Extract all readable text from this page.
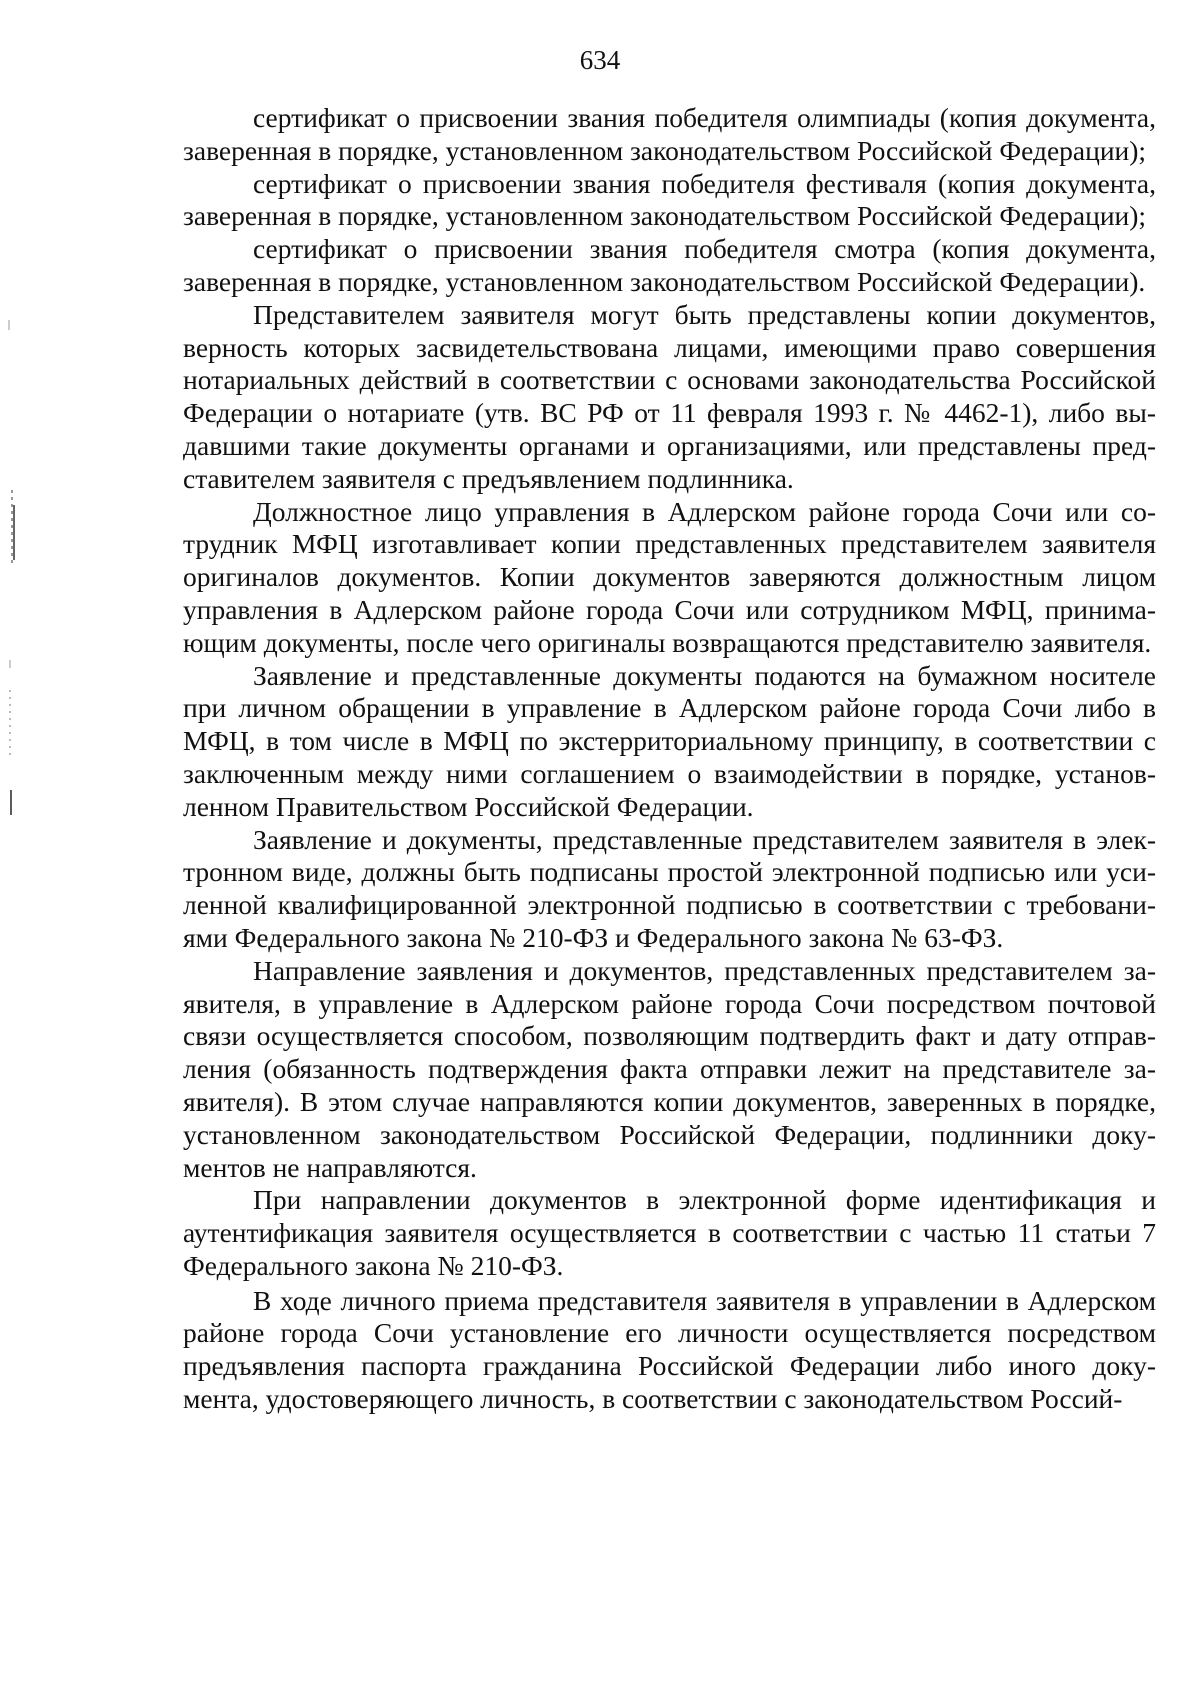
634

сертификат о присвоении звания победителя олимпиады (копия документа, заверенная в порядке, установленном законодательством Российской Федерации);

сертификат о присвоении звания победителя фестиваля (копия документа, заверенная в порядке, установленном законодательством Российской Федерации);

сертификат о присвоении звания победителя смотра (копия документа, заверенная в порядке, установленном законодательством Российской Федерации).

Представителем заявителя могут быть представлены копии документов, верность которых засвидетельствована лицами, имеющими право совершения нотариальных действий в соответствии с основами законодательства Российской Федерации о нотариате (утв. ВС РФ от 11 февраля 1993 г. № 4462-1), либо выдавшими такие документы органами и организациями, или представлены представителем заявителя с предъявлением подлинника.

Должностное лицо управления в Адлерском районе города Сочи или сотрудник МФЦ изготавливает копии представленных представителем заявителя оригиналов документов. Копии документов заверяются должностным лицом управления в Адлерском районе города Сочи или сотрудником МФЦ, принимающим документы, после чего оригиналы возвращаются представителю заявителя.

Заявление и представленные документы подаются на бумажном носителе при личном обращении в управление в Адлерском районе города Сочи либо в МФЦ, в том числе в МФЦ по экстерриториальному принципу, в соответствии с заключенным между ними соглашением о взаимодействии в порядке, установленном Правительством Российской Федерации.

Заявление и документы, представленные представителем заявителя в электронном виде, должны быть подписаны простой электронной подписью или усиленной квалифицированной электронной подписью в соответствии с требованиями Федерального закона № 210-ФЗ и Федерального закона № 63-ФЗ.

Направление заявления и документов, представленных представителем заявителя, в управление в Адлерском районе города Сочи посредством почтовой связи осуществляется способом, позволяющим подтвердить факт и дату отправления (обязанность подтверждения факта отправки лежит на представителе заявителя). В этом случае направляются копии документов, заверенных в порядке, установленном законодательством Российской Федерации, подлинники документов не направляются.

При направлении документов в электронной форме идентификация и аутентификация заявителя осуществляется в соответствии с частью 11 статьи 7 Федерального закона № 210-ФЗ.

В ходе личного приема представителя заявителя в управлении в Адлерском районе города Сочи установление его личности осуществляется посредством предъявления паспорта гражданина Российской Федерации либо иного документа, удостоверяющего личность, в соответствии с законодательством Россий-
